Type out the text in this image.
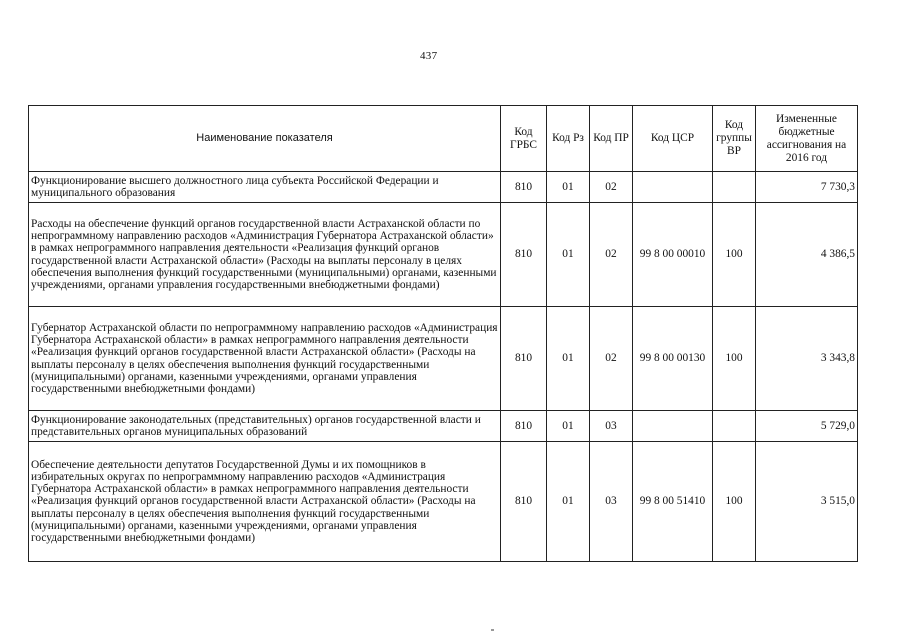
437
Наименование показателя	Код ГРБС	Код Рз	Код ПР	Код ЦСР	Код группы ВР	Измененные бюджетные ассигнования на 2016 год
Функционирование высшего должностного лица субъекта Российской Федерации и муниципального образования	810	01	02			7 730,3
Расходы на обеспечение функций органов государственной власти Астраханской области по непрограммному направлению расходов «Администрация Губернатора Астраханской области» в рамках непрограммного направления деятельности «Реализация функций органов государственной власти Астраханской области» (Расходы на выплаты персоналу в целях обеспечения выполнения функций государственными (муниципальными) органами, казенными учреждениями, органами управления государственными внебюджетными фондами)	810	01	02	99 8 00 00010	100	4 386,5
Губернатор Астраханской области по непрограммному направлению расходов «Администрация Губернатора Астраханской области» в рамках непрограммного направления деятельности «Реализация функций органов государственной власти Астраханской области» (Расходы на выплаты персоналу в целях обеспечения выполнения функций государственными (муниципальными) органами, казенными учреждениями, органами управления государственными внебюджетными фондами)	810	01	02	99 8 00 00130	100	3 343,8
Функционирование законодательных (представительных) органов государственной власти и представительных органов муниципальных образований	810	01	03			5 729,0
Обеспечение деятельности депутатов Государственной Думы и их помощников в избирательных округах по непрограммному направлению расходов «Администрация Губернатора Астраханской области» в рамках непрограммного направления деятельности «Реализация функций органов государственной власти Астраханской области» (Расходы на выплаты персоналу в целях обеспечения выполнения функций государственными (муниципальными) органами, казенными учреждениями, органами управления государственными внебюджетными фондами)	810	01	03	99 8 00 51410	100	3 515,0
